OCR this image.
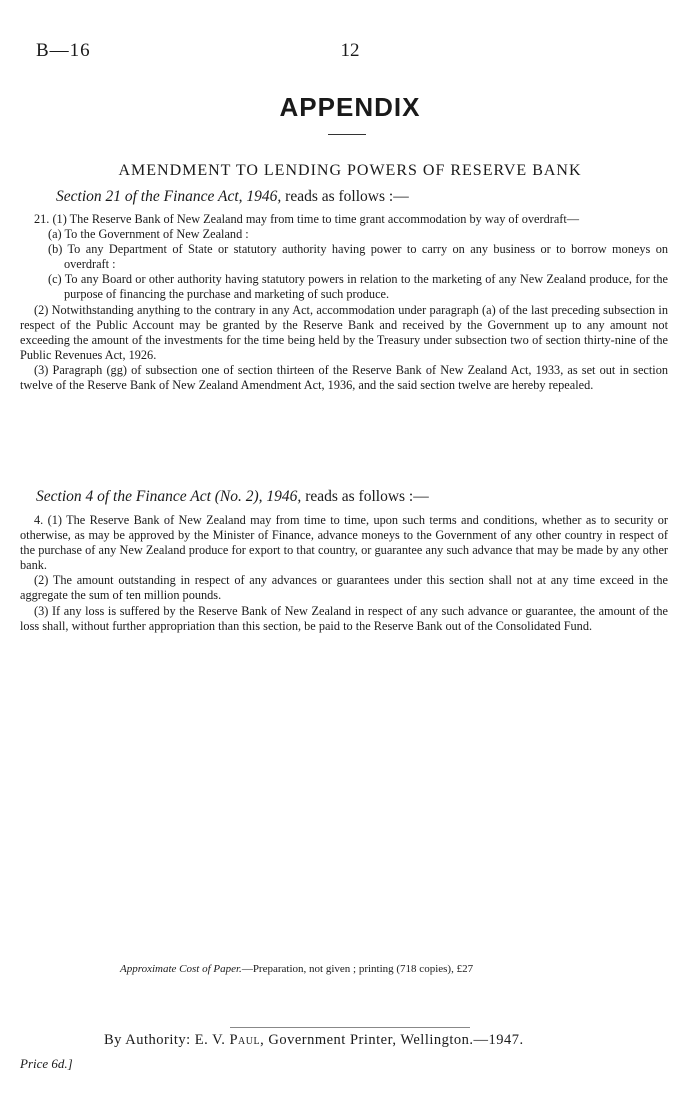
B—16	12
APPENDIX
AMENDMENT TO LENDING POWERS OF RESERVE BANK
Section 21 of the Finance Act, 1946, reads as follows :—

21. (1) The Reserve Bank of New Zealand may from time to time grant accommodation by way of overdraft—

(a) To the Government of New Zealand :

(b) To any Department of State or statutory authority having power to carry on any business or to borrow moneys on overdraft :

(c) To any Board or other authority having statutory powers in relation to the marketing of any New Zealand produce, for the purpose of financing the purchase and marketing of such produce.

(2) Notwithstanding anything to the contrary in any Act, accommodation under paragraph (a) of the last preceding subsection in respect of the Public Account may be granted by the Reserve Bank and received by the Government up to any amount not exceeding the amount of the investments for the time being held by the Treasury under subsection two of section thirty-nine of the Public Revenues Act, 1926.

(3) Paragraph (gg) of subsection one of section thirteen of the Reserve Bank of New Zealand Act, 1933, as set out in section twelve of the Reserve Bank of New Zealand Amendment Act, 1936, and the said section twelve are hereby repealed.

Section 4 of the Finance Act (No. 2), 1946, reads as follows :—

4. (1) The Reserve Bank of New Zealand may from time to time, upon such terms and conditions, whether as to security or otherwise, as may be approved by the Minister of Finance, advance moneys to the Government of any other country in respect of the purchase of any New Zealand produce for export to that country, or guarantee any such advance that may be made by any other bank.

(2) The amount outstanding in respect of any advances or guarantees under this section shall not at any time exceed in the aggregate the sum of ten million pounds.

(3) If any loss is suffered by the Reserve Bank of New Zealand in respect of any such advance or guarantee, the amount of the loss shall, without further appropriation than this section, be paid to the Reserve Bank out of the Consolidated Fund.

Approximate Cost of Paper.—Preparation, not given ; printing (718 copies), £27
By Authority: E. V. Paul, Government Printer, Wellington.—1947.
Price 6d.]
